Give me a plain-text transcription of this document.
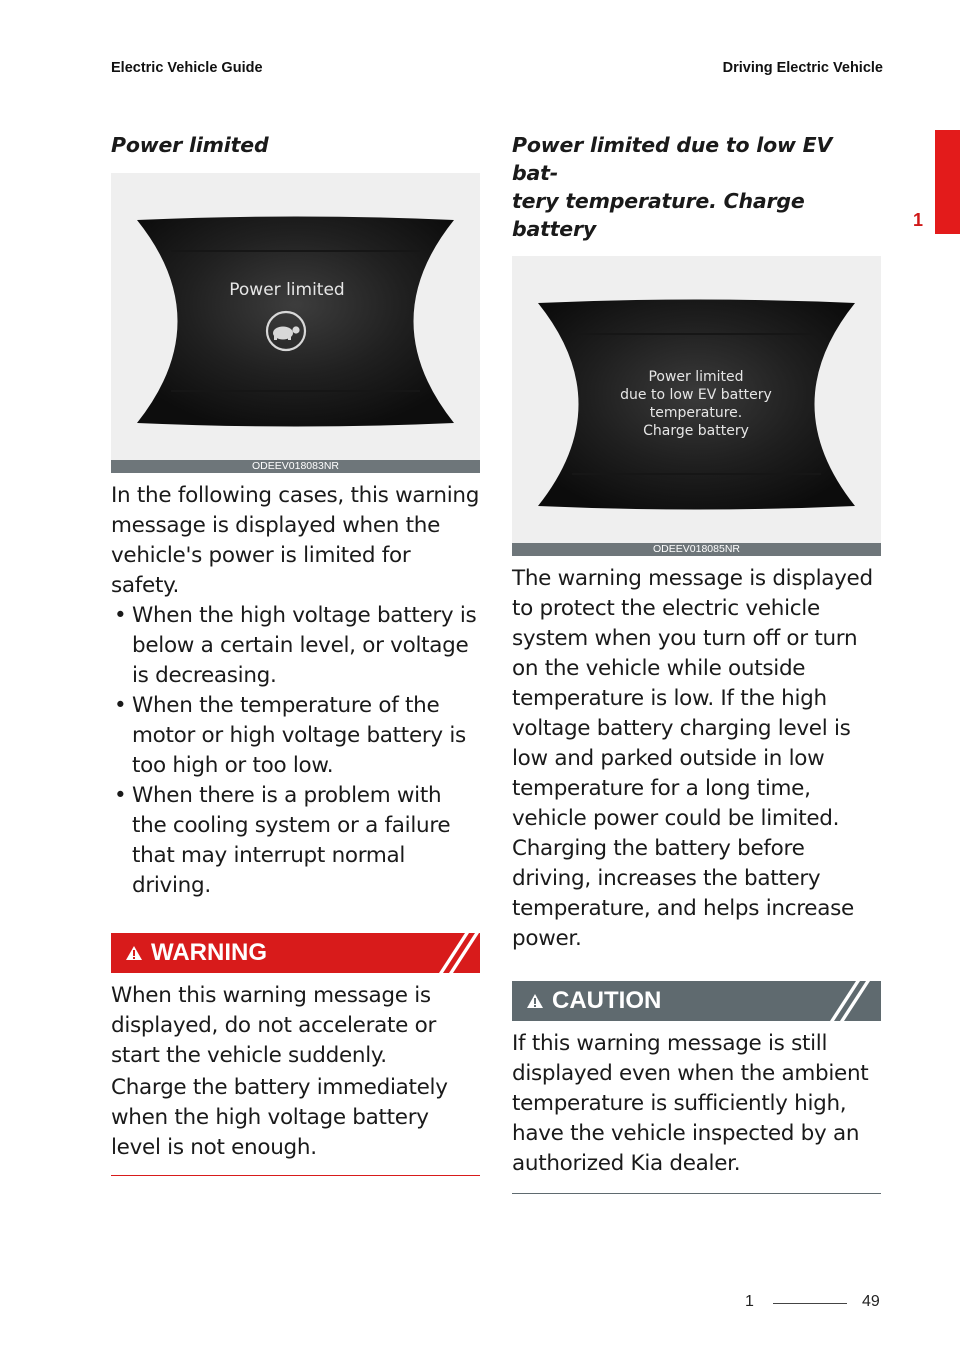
Electric Vehicle Guide	Driving Electric Vehicle
1
Power limited
Power limited
ODEEV018083NR

In the following cases, this warning message is displayed when the vehicle's power is limited for safety.

• When the high voltage battery is below a certain level, or voltage is decreasing.
• When the temperature of the motor or high voltage battery is too high or too low.
• When there is a problem with the cooling system or a failure that may interrupt normal driving.
WARNING

When this warning message is displayed, do not accelerate or start the vehicle suddenly.

Charge the battery immediately when the high voltage battery level is not enough.

Power limited due to low EV bat-
tery temperature. Charge battery
Power limited
due to low EV battery
temperature.
Charge battery
ODEEV018085NR

The warning message is displayed to protect the electric vehicle system when you turn off or turn on the vehicle while outside temperature is low. If the high voltage battery charging level is low and parked outside in low temperature for a long time, vehicle power could be limited. Charging the battery before driving, increases the battery temperature, and helps increase power.

CAUTION

If this warning message is still displayed even when the ambient temperature is sufficiently high, have the vehicle inspected by an authorized Kia dealer.

1	49
